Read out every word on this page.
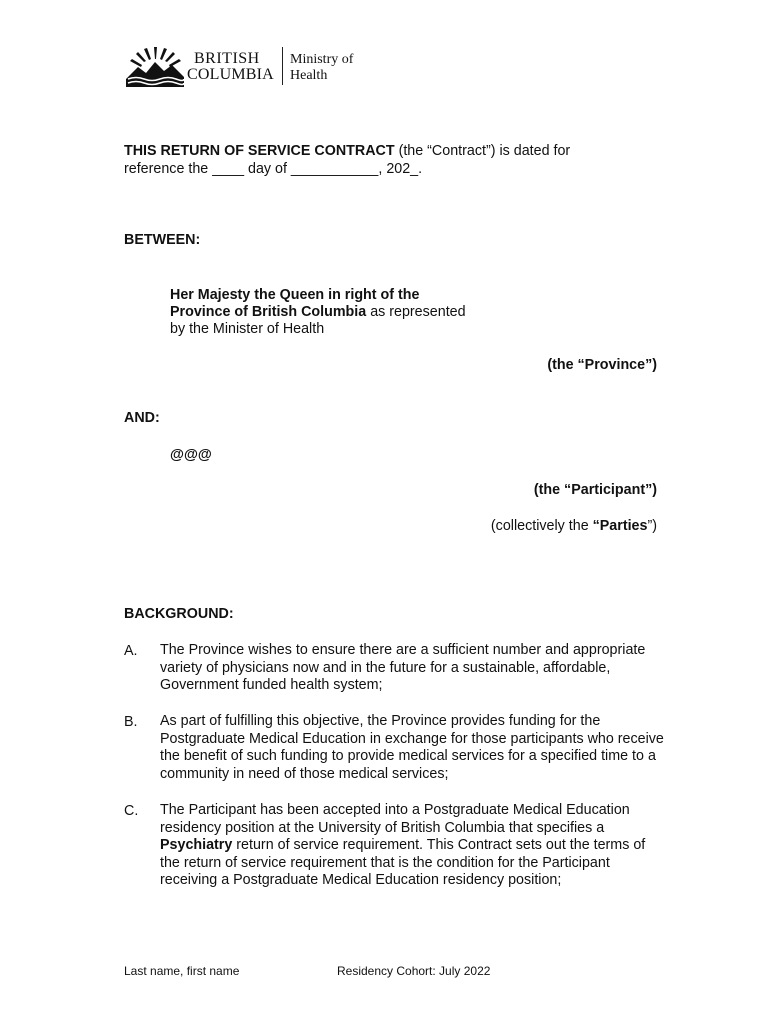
BRITISH
COLUMBIA
Ministry of
Health
THIS RETURN OF SERVICE CONTRACT (the “Contract”) is dated for
reference the ____ day of ___________, 202_.
BETWEEN:
Her Majesty the Queen in right of the
Province of British Columbia as represented
by the Minister of Health
(the “Province”)
AND:
@@@
(the “Participant”)
(collectively the “Parties”)
BACKGROUND:
A. The Province wishes to ensure there are a sufficient number and appropriate variety of physicians now and in the future for a sustainable, affordable, Government funded health system;
B. As part of fulfilling this objective, the Province provides funding for the Postgraduate Medical Education in exchange for those participants who receive the benefit of such funding to provide medical services for a specified time to a community in need of those medical services;
C. The Participant has been accepted into a Postgraduate Medical Education residency position at the University of British Columbia that specifies a Psychiatry return of service requirement. This Contract sets out the terms of the return of service requirement that is the condition for the Participant receiving a Postgraduate Medical Education residency position;
Last name, first name	Residency Cohort: July 2022
